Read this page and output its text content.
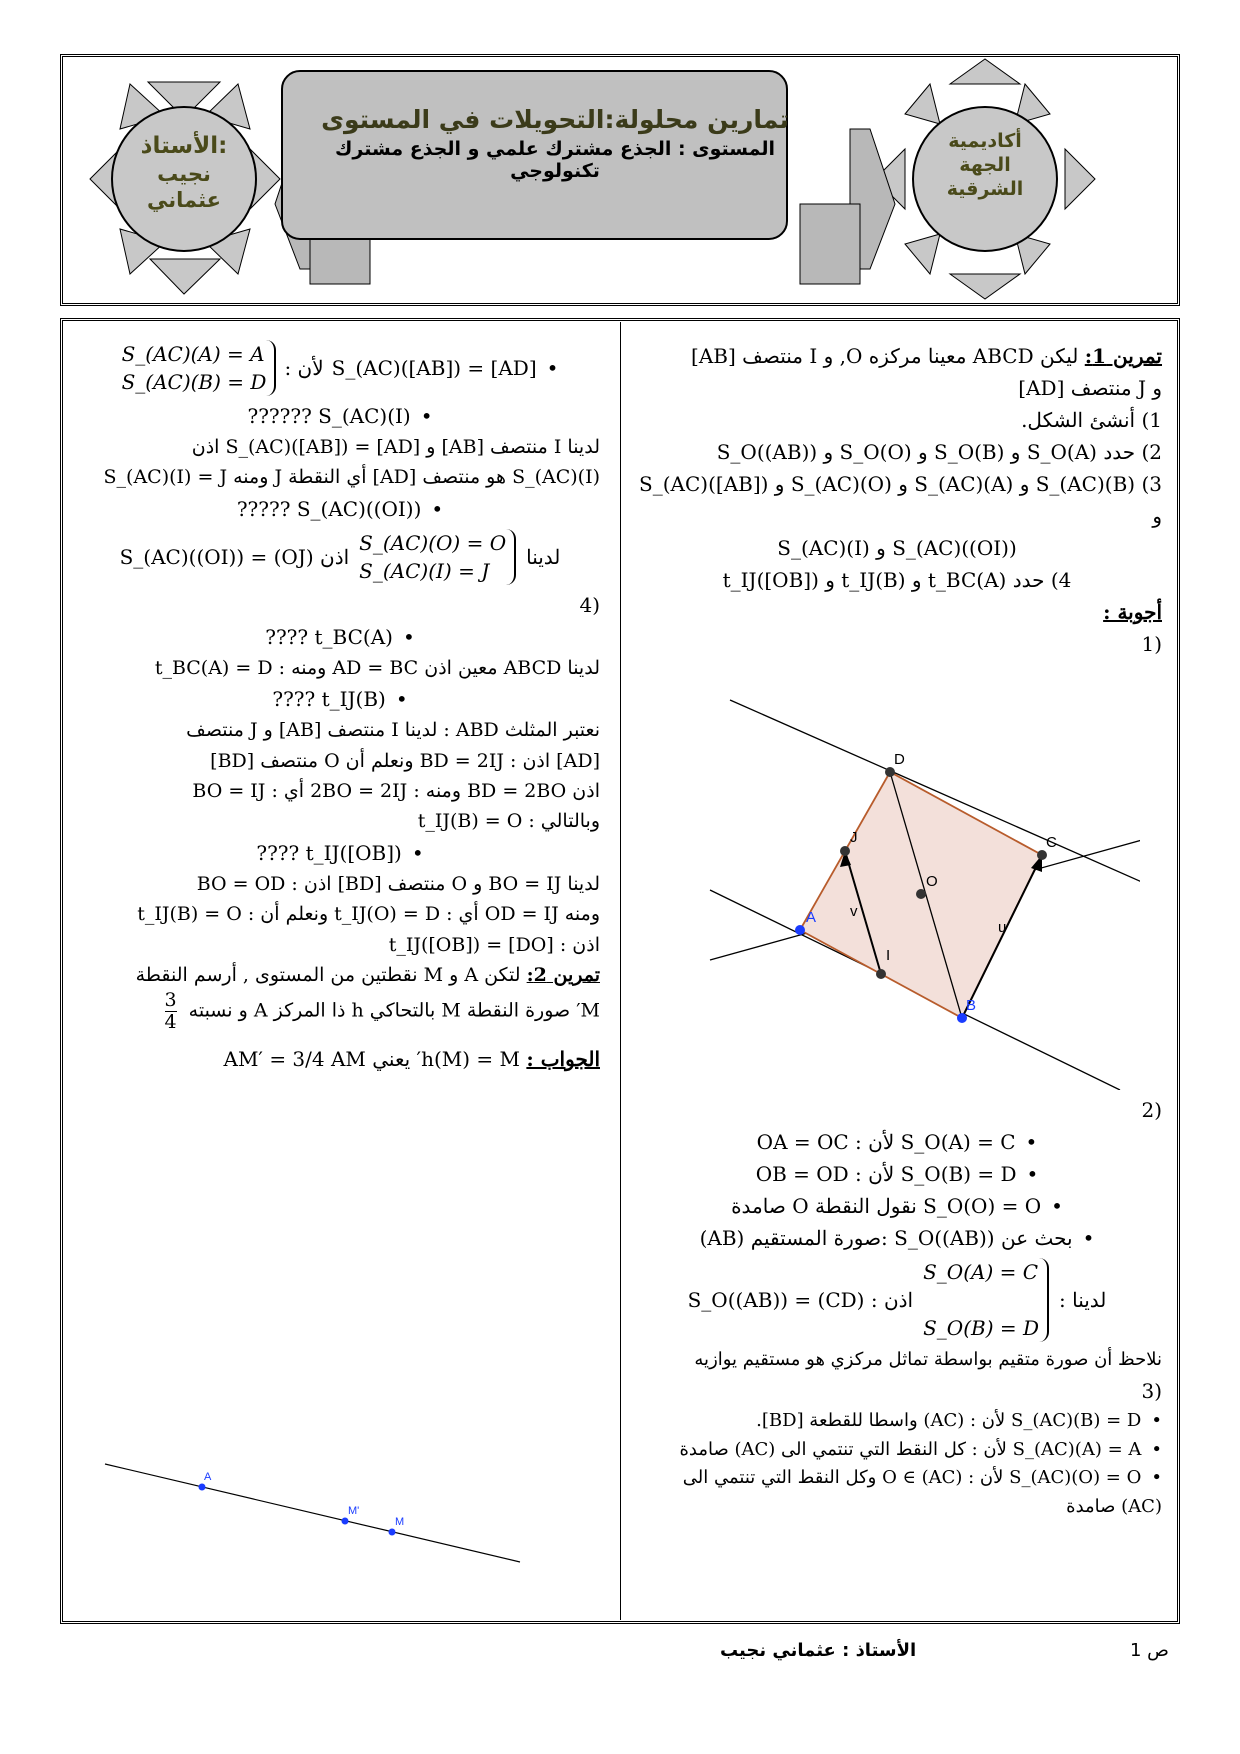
الأستاذ:
نجيب
عثماني
أكاديمية
الجهة
الشرقية
تمارين محلولة:التحويلات في المستوى
المستوى : الجذع مشترك علمي و الجذع مشترك
تكنولوجي

تمرين 1: ليكن ABCD معينا مركزه O, و I منتصف [AB]

و J منتصف [AD]

1) أنشئ الشكل.

2) حدد S_O(A) و S_O(B) و S_O(O) و S_O((AB))

3) S_(AC)(B) و S_(AC)(A) و S_(AC)(O) و S_(AC)([AB]) و

S_(AC)((OI)) و S_(AC)(I)

4) حدد t_BC(A) و t_IJ(B) و t_IJ([OB])

أجوبة :

(1

A
B
C
D
O
I
J
u
v

(2

• S_O(A) = C لأن : OA = OC

• S_O(B) = D لأن : OB = OD

• S_O(O) = O نقول النقطة O صامدة

• بحث عن S_O((AB)) :صورة المستقيم (AB)

لدينا :
S_O(A) = C

S_O(B) = D
اذن : S_O((AB)) = (CD)

نلاحظ أن صورة متقيم بواسطة تماثل مركزي هو مستقيم يوازيه

(3

• S_(AC)(B) = D لأن : (AC) واسطا للقطعة [BD].

• S_(AC)(A) = A لأن : كل النقط التي تنتمي الى (AC) صامدة

• S_(AC)(O) = O لأن : O ∈ (AC) وكل النقط التي تنتمي الى

(AC) صامدة

• S_(AC)([AB]) = [AD]
لأن :
S_(AC)(A) = A
S_(AC)(B) = D

• S_(AC)(I) ??????

لدينا I منتصف [AB] و S_(AC)([AB]) = [AD] اذن

S_(AC)(I) هو منتصف [AD] أي النقطة J ومنه S_(AC)(I) = J

• S_(AC)((OI)) ?????

لدينا
S_(AC)(O) = O
S_(AC)(I) = J
اذن S_(AC)((OI)) = (OJ)

(4

• t_BC(A) ????

لدينا ABCD معين اذن AD = BC ومنه : t_BC(A) = D

• t_IJ(B) ????

نعتبر المثلث ABD : لدينا I منتصف [AB] و J منتصف

[AD] اذن : BD = 2IJ ونعلم أن O منتصف [BD]

اذن BD = 2BO ومنه : 2BO = 2IJ أي : BO = IJ

وبالتالي : t_IJ(B) = O

• t_IJ([OB]) ????

لدينا BO = IJ و O منتصف [BD] اذن : BO = OD

ومنه OD = IJ أي : t_IJ(O) = D ونعلم أن : t_IJ(B) = O

اذن : t_IJ([OB]) = [DO]

تمرين 2: لتكن A و M نقطتين من المستوى , أرسم النقطة

M′ صورة النقطة M بالتحاكي h ذا المركز A و نسبته
$\frac{3}{4}$

الجواب : h(M) = M′ يعني AM′ = 3/4 AM

A
M'
M
الأستاذ : عثماني نجيب	ص 1
